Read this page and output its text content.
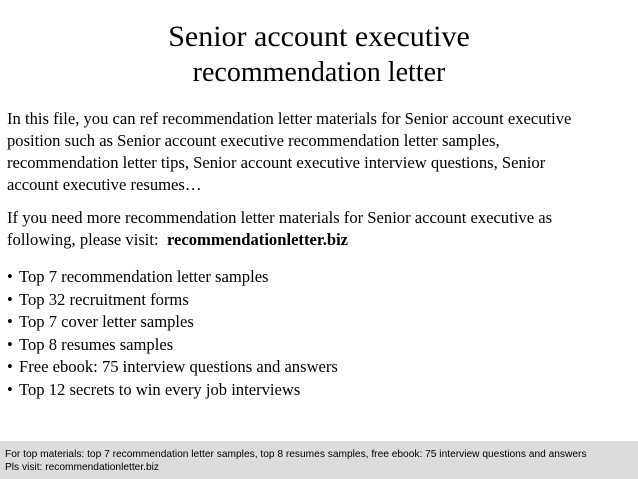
Senior account executive
recommendation letter
In this file, you can ref recommendation letter materials for Senior account executive
position such as Senior account executive recommendation letter samples,
recommendation letter tips, Senior account executive interview questions, Senior
account executive resumes…
If you need more recommendation letter materials for Senior account executive as
following, please visit:  recommendationletter.biz
• Top 7 recommendation letter samples
• Top 32 recruitment forms
• Top 7 cover letter samples
• Top 8 resumes samples
• Free ebook: 75 interview questions and answers
• Top 12 secrets to win every job interviews
For top materials: top 7 recommendation letter samples, top 8 resumes samples, free ebook: 75 interview questions and answers
Pls visit: recommendationletter.biz
